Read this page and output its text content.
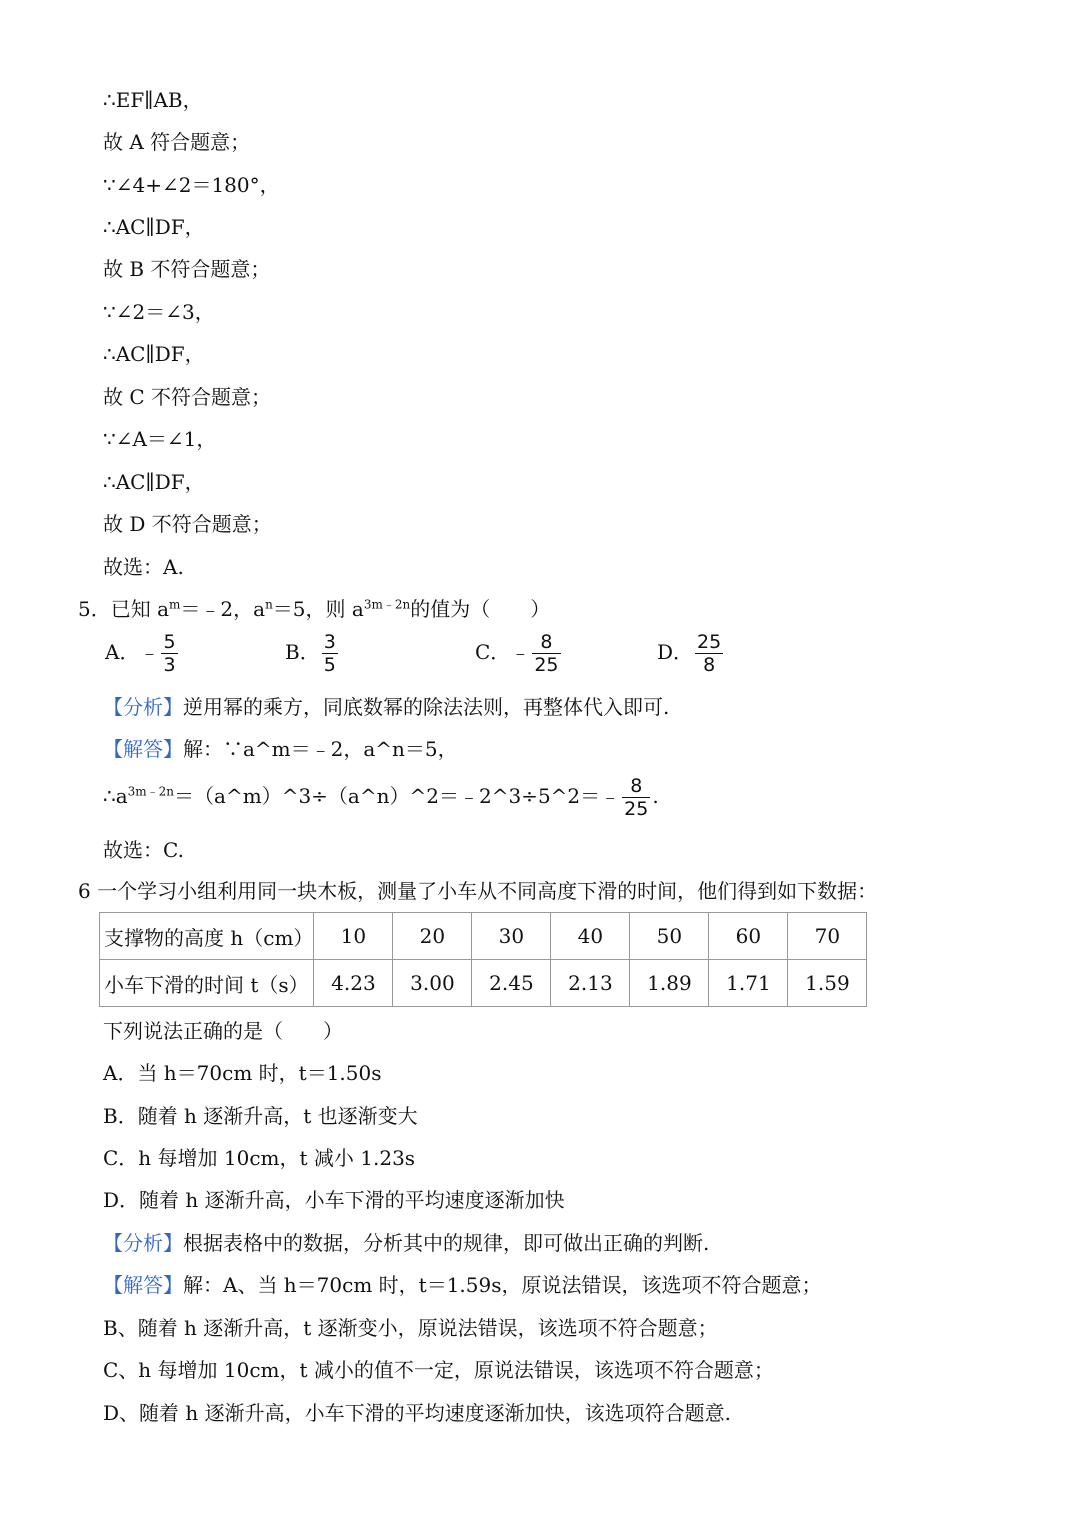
∴EF∥AB，
故 A 符合题意；
∵∠4+∠2＝180°，
∴AC∥DF，
故 B 不符合题意；
∵∠2＝∠3，
∴AC∥DF，
故 C 不符合题意；
∵∠A＝∠1，
∴AC∥DF，
故 D 不符合题意；
故选：A.
5．已知 $a^m=﹣2$，$a^n=5$，则 $a^{3m﹣2n}$的值为（　　）
A．﹣ $\frac{5}{3}$	B． $\frac{3}{5}$	C．﹣ $\frac{8}{25}$	D． $\frac{25}{8}$
【分析】逆用幂的乘方，同底数幂的除法法则，再整体代入即可.
【解答】解：∵a^m＝﹣2，a^n＝5，
$\therefore a^{3m﹣2n}=(a\^{}m)\^{}3\div(a\^{}n)\^{}2=﹣2\^{}3\div 5\^{}2=﹣ \frac{8}{25}$ .
故选：C.
6 一个学习小组利用同一块木板，测量了小车从不同高度下滑的时间，他们得到如下数据：
支撑物的高度 h（cm）	10	20	30	40	50	60	70
小车下滑的时间 t（s）	4.23	3.00	2.45	2.13	1.89	1.71	1.59
下列说法正确的是（　　）
A．当 h＝70cm 时，t＝1.50s
B．随着 h 逐渐升高，t 也逐渐变大
C．h 每增加 10cm，t 减小 1.23s
D．随着 h 逐渐升高，小车下滑的平均速度逐渐加快
【分析】根据表格中的数据，分析其中的规律，即可做出正确的判断.
【解答】解：A、当 h＝70cm 时，t＝1.59s，原说法错误，该选项不符合题意；
B、随着 h 逐渐升高，t 逐渐变小，原说法错误，该选项不符合题意；
C、h 每增加 10cm，t 减小的值不一定，原说法错误，该选项不符合题意；
D、随着 h 逐渐升高，小车下滑的平均速度逐渐加快，该选项符合题意.
